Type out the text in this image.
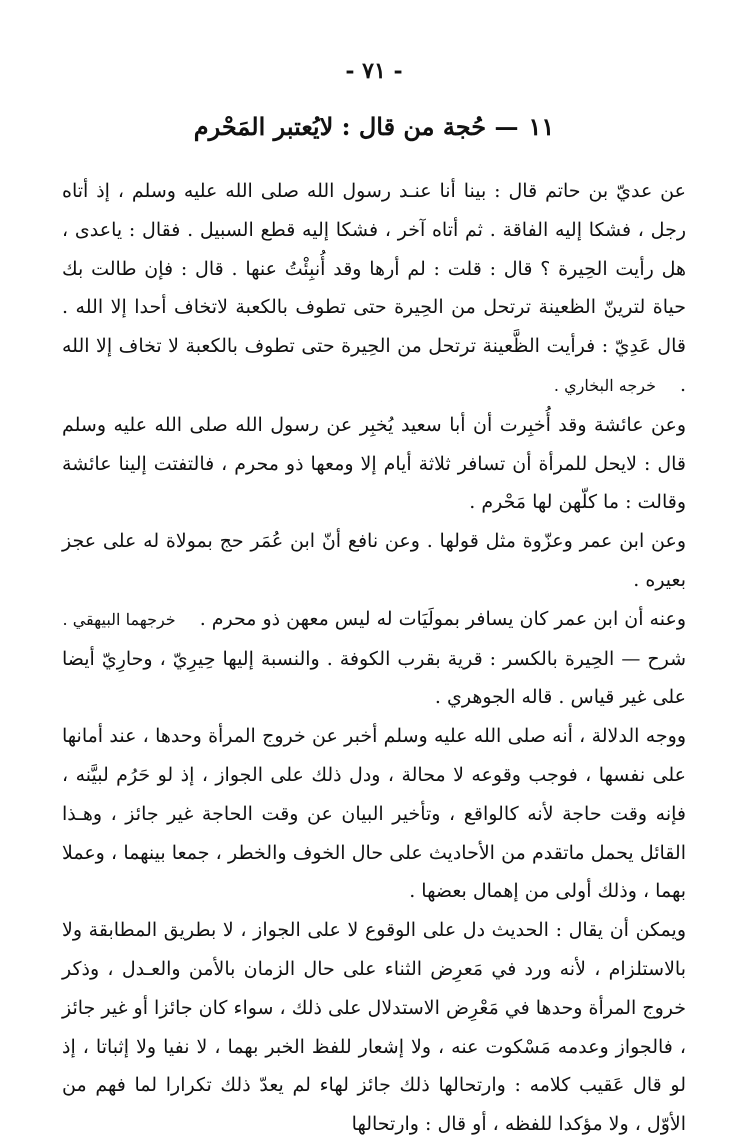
- ٧١ -
١١— حُجة من قال : لايُعتبر المَحْرم

عن عديّ بن حاتم قال : بينا أنا عنـد رسول الله صلى الله عليه وسلم ، إذ أتاه رجل ، فشكا إليه الفاقة . ثم أتاه آخر ، فشكا إليه قطع السبيل . فقال : ياعدى ، هل رأيت الحِيرة ؟ قال : قلت : لم أرها وقد أُنبِئْتُ عنها . قال : فإن طالت بك حياة لترينّ الظعينة ترتحل من الحِيرة حتى تطوف بالكعبة لاتخاف أحدا إلا الله . قال عَدِيّ : فرأيت الظَّعينة ترتحل من الحِيرة حتى تطوف بالكعبة لا تخاف إلا الله .خرجه البخاري .

وعن عائشة وقد أُخبِرت أن أبا سعيد يُخبِر عن رسول الله صلى الله عليه وسلم قال : لايحل للمرأة أن تسافر ثلاثة أيام إلا ومعها ذو محرم ، فالتفتت إلينا عائشة وقالت : ما كلّهن لها مَحْرم .

وعن ابن عمر وعزّوة مثل قولها . وعن نافع أنّ ابن عُمَر حج بمولاة له على عجز بعيره .

وعنه أن ابن عمر كان يسافر بمولَيَات له ليس معهن ذو محرم .خرجهما البيهقي .

شرح — الحِيرة بالكسر : قرية بقرب الكوفة . والنسبة إليها حِيرِيّ ، وحارِيّ أيضا على غير قياس . قاله الجوهري .

ووجه الدلالة ، أنه صلى الله عليه وسلم أخبر عن خروج المرأة وحدها ، عند أمانها على نفسها ، فوجب وقوعه لا محالة ، ودل ذلك على الجواز ، إذ لو حَرُم لبيَّنه ، فإنه وقت حاجة لأنه كالواقع ، وتأخير البيان عن وقت الحاجة غير جائز ، وهـذا القائل يحمل ماتقدم من الأحاديث على حال الخوف والخطر ، جمعا بينهما ، وعملا بهما ، وذلك أولى من إهمال بعضها .

ويمكن أن يقال : الحديث دل على الوقوع لا على الجواز ، لا بطريق المطابقة ولا بالاستلزام ، لأنه ورد في مَعرِض الثناء على حال الزمان بالأمن والعـدل ، وذكر خروج المرأة وحدها في مَعْرِض الاستدلال على ذلك ، سواء كان جائزا أو غير جائز ، فالجواز وعدمه مَسْكوت عنه ، ولا إشعار للفظ الخبر بهما ، لا نفيا ولا إثباتا ، إذ لو قال عَقيب كلامه : وارتحالها ذلك جائز لهاء لم يعدّ ذلك تكرارا لما فهم من الأوّل ، ولا مؤكدا للفظه ، أو قال : وارتحالها
